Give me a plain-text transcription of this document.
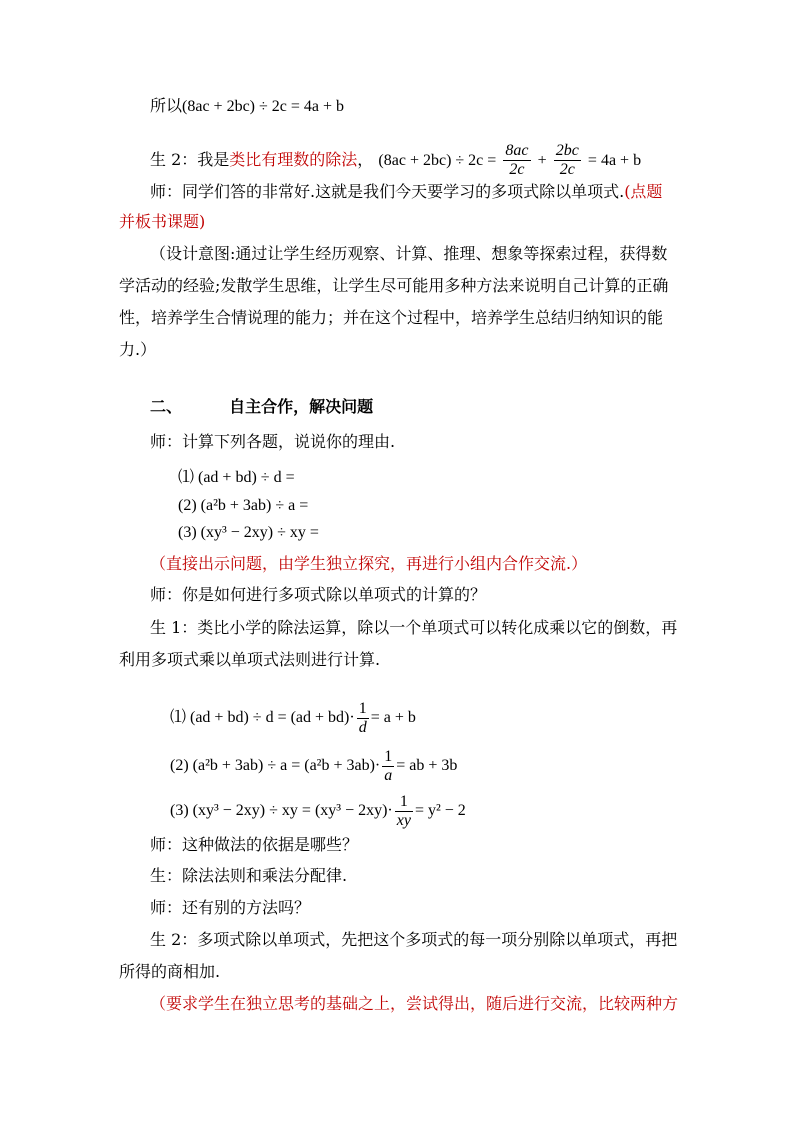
所以(8ac + 2bc) ÷ 2c = 4a + b
生 2：我是类比有理数的除法， $(8ac + 2bc) \div 2c = \frac{8ac}{2c} + \frac{2bc}{2c} = 4a + b$
师：同学们答的非常好.这就是我们今天要学习的多项式除以单项式.(点题
并板书课题)
（设计意图:通过让学生经历观察、计算、推理、想象等探索过程，获得数
学活动的经验;发散学生思维，让学生尽可能用多种方法来说明自己计算的正确
性，培养学生合情说理的能力；并在这个过程中，培养学生总结归纳知识的能
力.）
二、	自主合作，解决问题
师：计算下列各题，说说你的理由.
⑴ (ad + bd) ÷ d =
(2) (a²b + 3ab) ÷ a =
(3) (xy³ − 2xy) ÷ xy =
（直接出示问题，由学生独立探究，再进行小组内合作交流.）
师：你是如何进行多项式除以单项式的计算的？
生 1：类比小学的除法运算，除以一个单项式可以转化成乘以它的倒数，再
利用多项式乘以单项式法则进行计算.
⑴ $(ad + bd) \div d = (ad + bd)\cdot \frac{1}{d} = a + b$
(2) $(a^2b + 3ab) \div a = (a^2b + 3ab)\cdot \frac{1}{a}$ = ab + 3b
(3) (xy³ − 2xy) ÷ xy = $(xy^3 - 2xy)\cdot \frac{1}{xy} = y^2 - 2$
师：这种做法的依据是哪些？
生：除法法则和乘法分配律.
师：还有别的方法吗？
生 2：多项式除以单项式，先把这个多项式的每一项分别除以单项式，再把
所得的商相加.
（要求学生在独立思考的基础之上，尝试得出，随后进行交流，比较两种方
